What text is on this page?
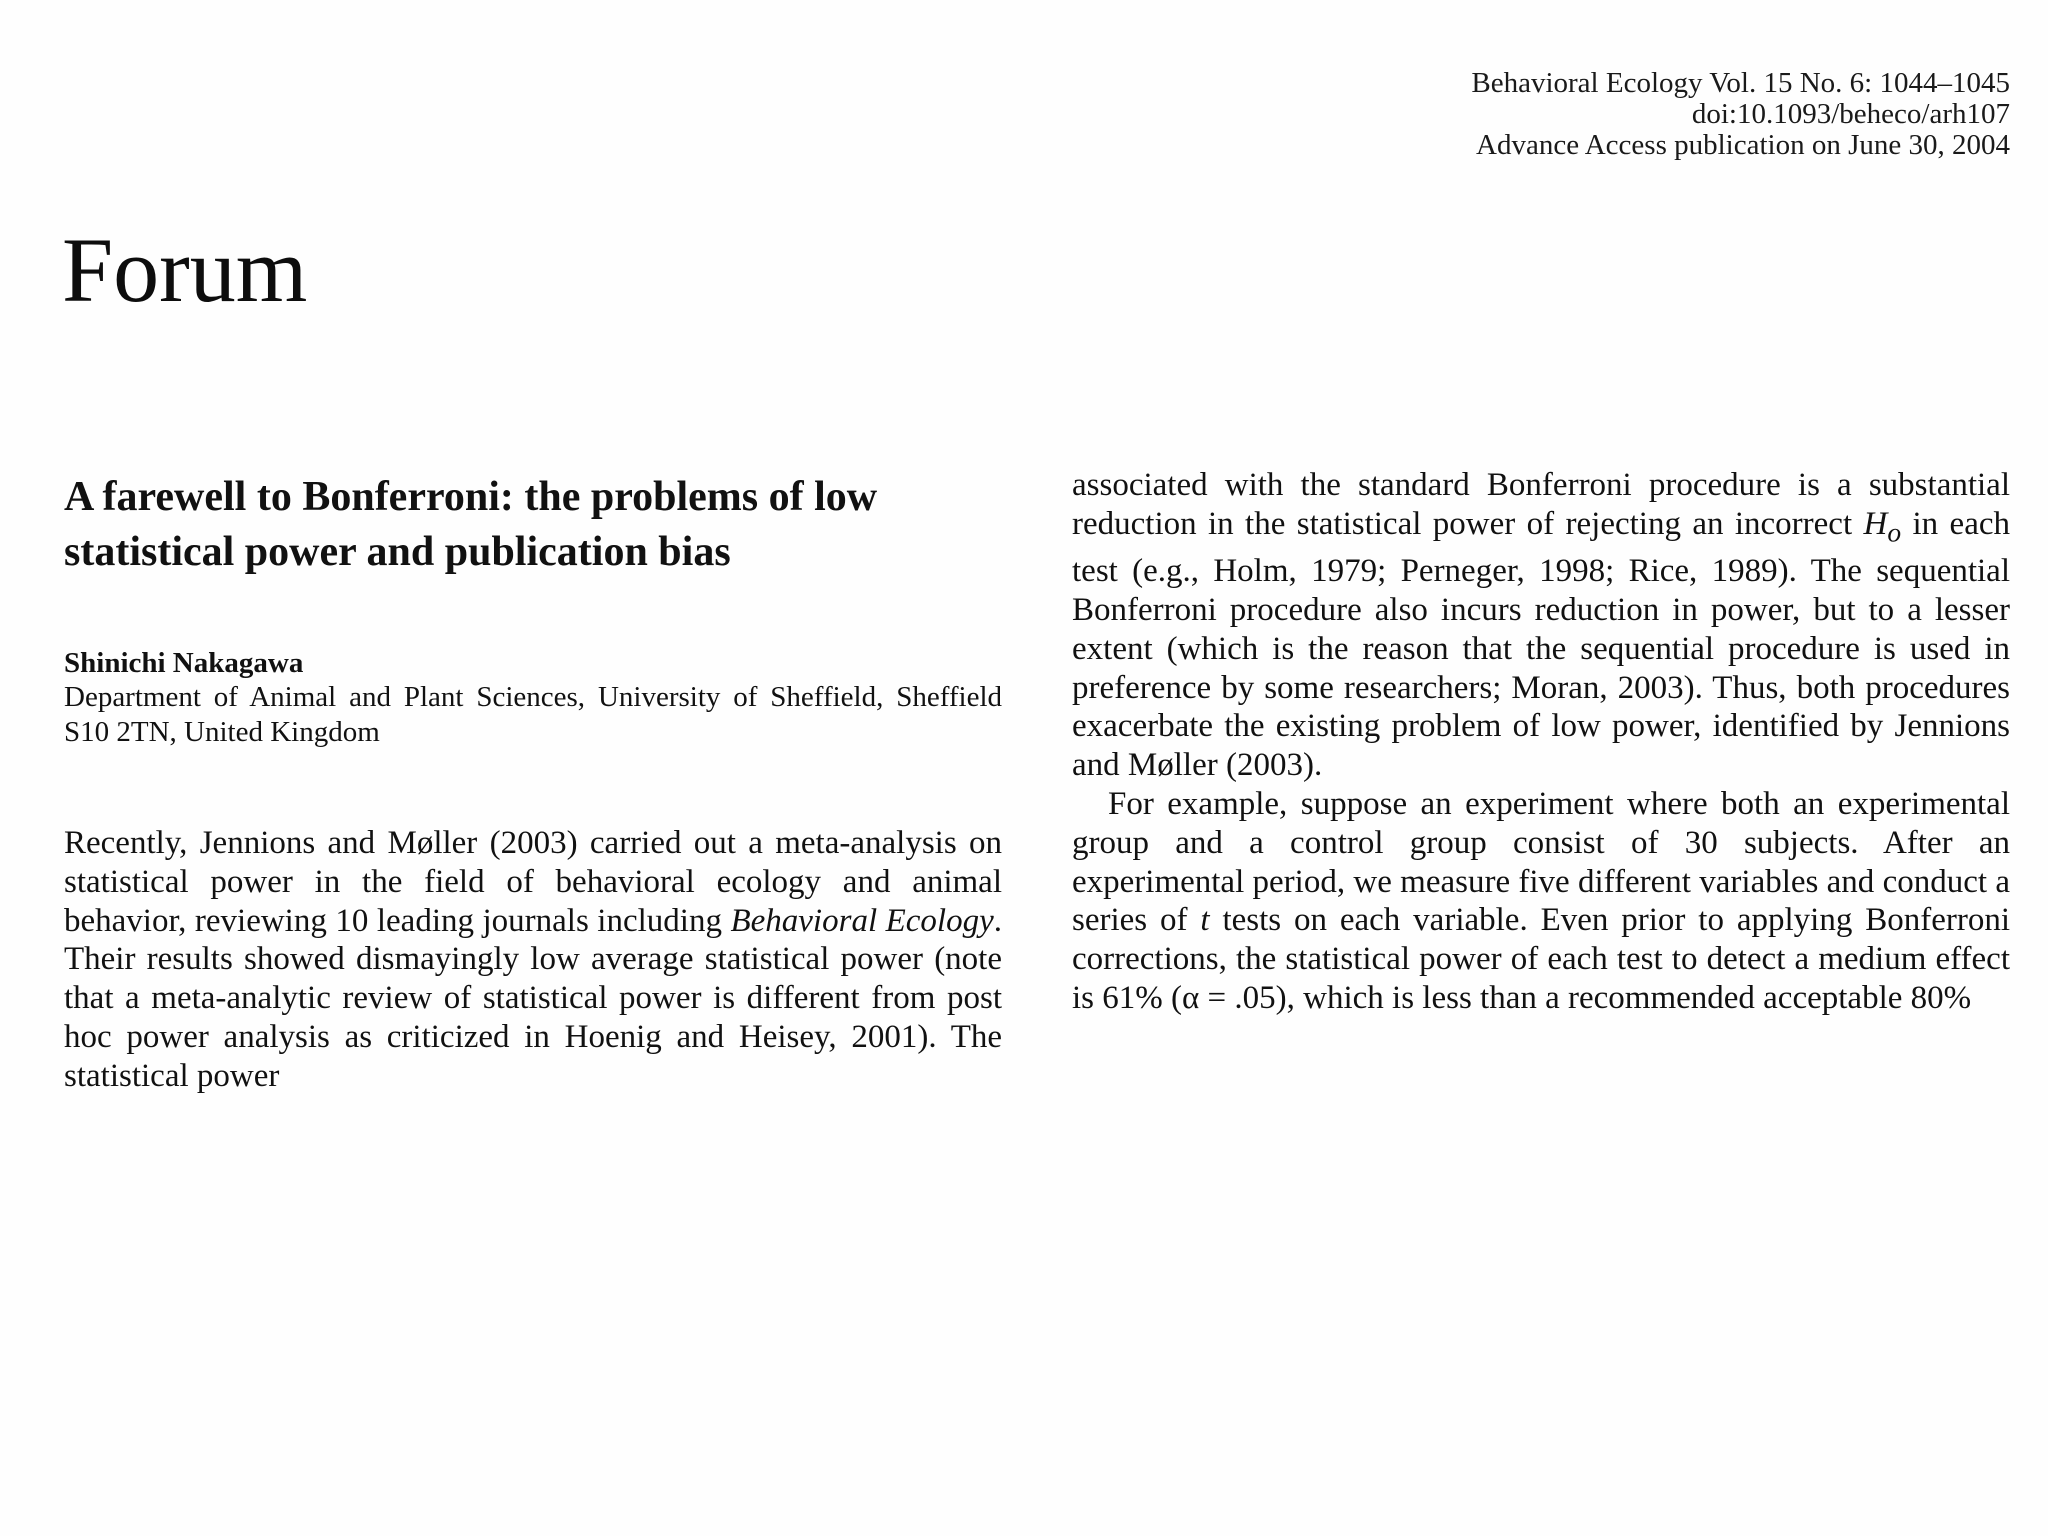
Behavioral Ecology Vol. 15 No. 6: 1044–1045
doi:10.1093/beheco/arh107
Advance Access publication on June 30, 2004
Forum
A farewell to Bonferroni: the problems of low statistical power and publication bias
Shinichi Nakagawa
Department of Animal and Plant Sciences, University of Sheffield, Sheffield S10 2TN, United Kingdom

Recently, Jennions and Møller (2003) carried out a meta-analysis on statistical power in the field of behavioral ecology and animal behavior, reviewing 10 leading journals including Behavioral Ecology. Their results showed dismayingly low average statistical power (note that a meta-analytic review of statistical power is different from post hoc power analysis as criticized in Hoenig and Heisey, 2001). The statistical power

associated with the standard Bonferroni procedure is a substantial reduction in the statistical power of rejecting an incorrect $H_o$ in each test (e.g., Holm, 1979; Perneger, 1998; Rice, 1989). The sequential Bonferroni procedure also incurs reduction in power, but to a lesser extent (which is the reason that the sequential procedure is used in preference by some researchers; Moran, 2003). Thus, both procedures exacerbate the existing problem of low power, identified by Jennions and Møller (2003).

For example, suppose an experiment where both an experimental group and a control group consist of 30 subjects. After an experimental period, we measure five different variables and conduct a series of t tests on each variable. Even prior to applying Bonferroni corrections, the statistical power of each test to detect a medium effect is 61% (α = .05), which is less than a recommended acceptable 80%
